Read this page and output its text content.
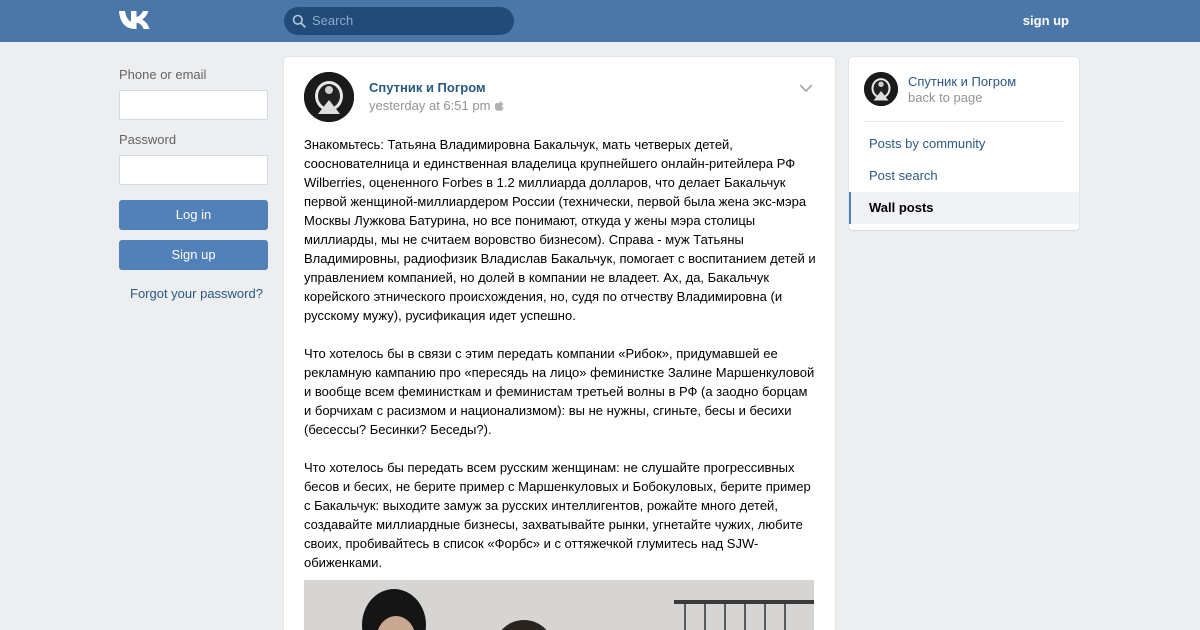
Search	sign up
Phone or email
Password
Log in
Sign up
Forgot your password?
Спутник и Погром
yesterday at 6:51 pm
Знакомьтесь: Татьяна Владимировна Бакальчук, мать четверых детей, сооснователница и единственная владелица крупнейшего онлайн-ритейлера РФ Wilberries, оцененного Forbes в 1.2 миллиарда долларов, что делает Бакальчук первой женщиной-миллиардером России (технически, первой была жена экс-мэра Москвы Лужкова Батурина, но все понимают, откуда у жены мэра столицы миллиарды, мы не считаем воровство бизнесом). Справа - муж Татьяны Владимировны, радиофизик Владислав Бакальчук, помогает с воспитанием детей и управлением компанией, но долей в компании не владеет. Ах, да, Бакальчук корейского этнического происхождения, но, судя по отчеству Владимировна (и русскому мужу), русификация идет успешно.

Что хотелось бы в связи с этим передать компании «Рибок», придумавшей ее рекламную кампанию про «пересядь на лицо» феминистке Залине Маршенкуловой и вообще всем феминисткам и феминистам третьей волны в РФ (а заодно борцам и борчихам с расизмом и национализмом): вы не нужны, сгиньте, бесы и бесихи (бесессы? Бесинки? Беседы?).

Что хотелось бы передать всем русским женщинам: не слушайте прогрессивных бесов и бесих, не берите пример с Маршенкуловых и Бобокуловых, берите пример с Бакальчук: выходите замуж за русских интеллигентов, рожайте много детей, создавайте миллиардные бизнесы, захватывайте рынки, угнетайте чужих, любите своих, пробивайтесь в список «Форбс» и с оттяжечкой глумитесь над SJW-обиженками.
Спутник и Погром
back to page
Posts by community
Post search
Wall posts
